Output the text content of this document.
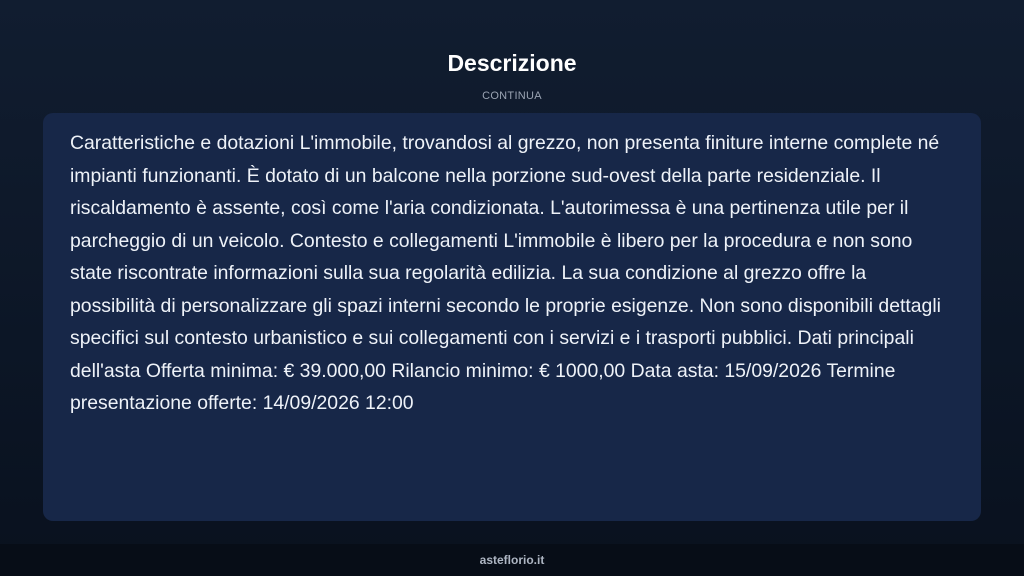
Descrizione
CONTINUA

Caratteristiche e dotazioni L'immobile, trovandosi al grezzo, non presenta finiture interne complete né impianti funzionanti. È dotato di un balcone nella porzione sud-ovest della parte residenziale. Il riscaldamento è assente, così come l'aria condizionata. L'autorimessa è una pertinenza utile per il parcheggio di un veicolo. Contesto e collegamenti L'immobile è libero per la procedura e non sono state riscontrate informazioni sulla sua regolarità edilizia. La sua condizione al grezzo offre la possibilità di personalizzare gli spazi interni secondo le proprie esigenze. Non sono disponibili dettagli specifici sul contesto urbanistico e sui collegamenti con i servizi e i trasporti pubblici. Dati principali dell'asta Offerta minima: € 39.000,00 Rilancio minimo: € 1000,00 Data asta: 15/09/2026 Termine presentazione offerte: 14/09/2026 12:00

asteflorio.it
